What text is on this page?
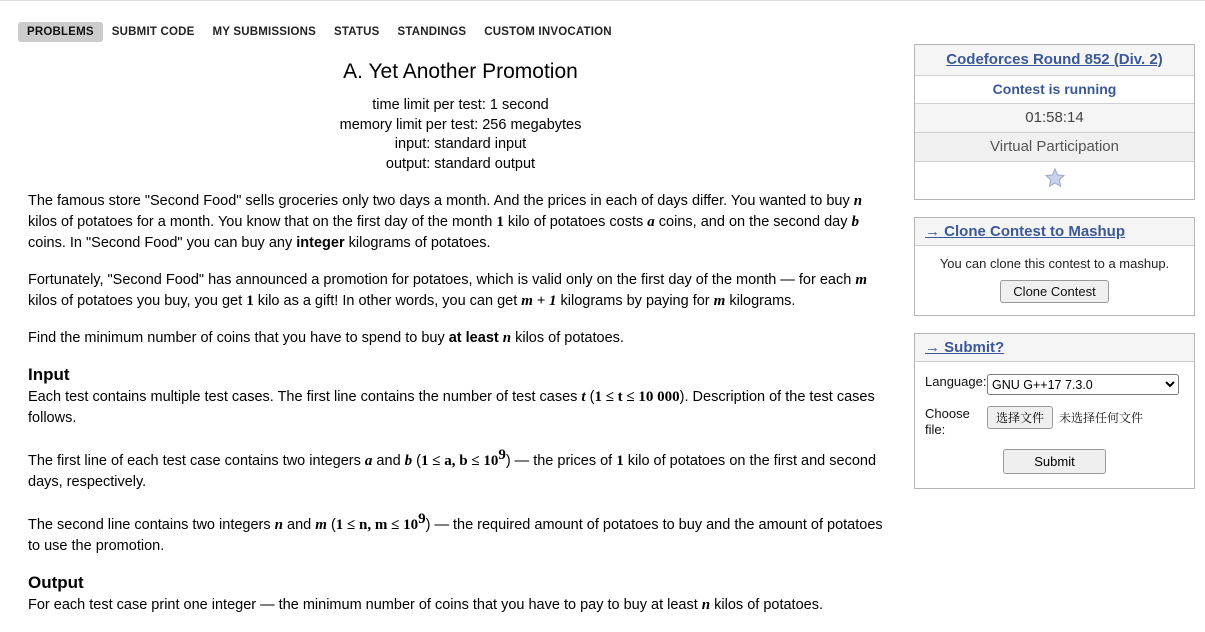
PROBLEMS	SUBMIT CODE	MY SUBMISSIONS	STATUS	STANDINGS	CUSTOM INVOCATION
A. Yet Another Promotion
time limit per test: 1 second
memory limit per test: 256 megabytes
input: standard input
output: standard output

The famous store "Second Food" sells groceries only two days a month. And the prices in each of days differ. You wanted to buy n kilos of potatoes for a month. You know that on the first day of the month 1 kilo of potatoes costs a coins, and on the second day b coins. In "Second Food" you can buy any integer kilograms of potatoes.

Fortunately, "Second Food" has announced a promotion for potatoes, which is valid only on the first day of the month — for each m kilos of potatoes you buy, you get 1 kilo as a gift! In other words, you can get m + 1 kilograms by paying for m kilograms.

Find the minimum number of coins that you have to spend to buy at least n kilos of potatoes.

Input
Each test contains multiple test cases. The first line contains the number of test cases t (1 ≤ t ≤ 10 000). Description of the test cases follows.
The first line of each test case contains two integers a and b (1 ≤ a, $b \le 10^9$) — the prices of 1 kilo of potatoes on the first and second days, respectively.
The second line contains two integers n and m (1 ≤ n, $m \le 10^9$) — the required amount of potatoes to buy and the amount of potatoes to use the promotion.
Output
For each test case print one integer — the minimum number of coins that you have to pay to buy at least n kilos of potatoes.
Codeforces Round 852 (Div. 2)
Contest is running
01:58:14
Virtual Participation
→ Clone Contest to Mashup
You can clone this contest to a mashup.
Clone Contest
→ Submit?
Language:
GNU G++17 7.3.0
Choose file:
选择文件	未选择任何文件
Submit
